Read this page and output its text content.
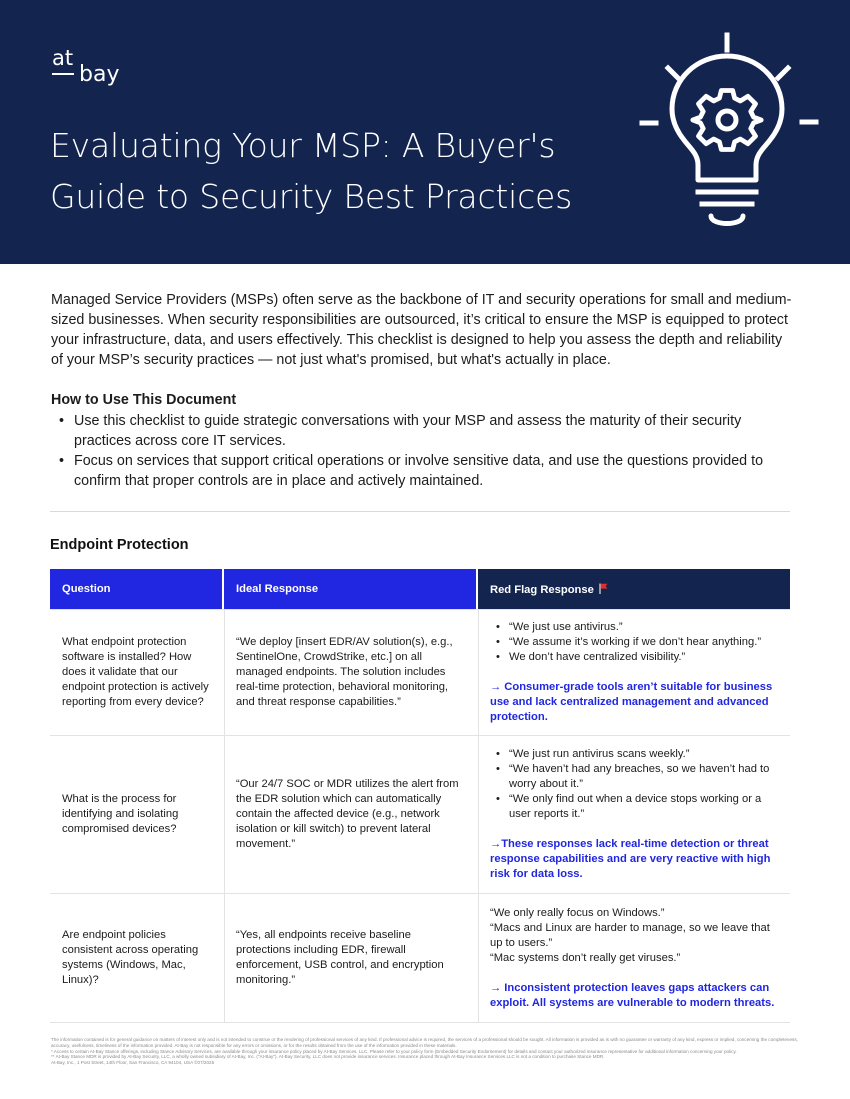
at
bay
Evaluating Your MSP: A Buyer's
Guide to Security Best Practices

Managed Service Providers (MSPs) often serve as the backbone of IT and security operations for small and medium-sized businesses. When security responsibilities are outsourced, it’s critical to ensure the MSP is equipped to protect your infrastructure, data, and users effectively. This checklist is designed to help you assess the depth and reliability of your MSP’s security practices — not just what's promised, but what's actually in place.

How to Use This Document
• Use this checklist to guide strategic conversations with your MSP and assess the maturity of their security practices across core IT services.
• Focus on services that support critical operations or involve sensitive data, and use the questions provided to confirm that proper controls are in place and actively maintained.
Endpoint Protection
Question	Ideal Response	Red Flag Response
What endpoint protection software is installed? How does it validate that our endpoint protection is actively reporting from every device?
“We deploy [insert EDR/AV solution(s), e.g., SentinelOne, CrowdStrike, etc.] on all managed endpoints. The solution includes real-time protection, behavioral monitoring, and threat response capabilities.”
• “We just use antivirus.”
• “We assume it’s working if we don’t hear anything.”
• We don’t have centralized visibility.”
→ Consumer-grade tools aren’t suitable for business use and lack centralized management and advanced protection.
What is the process for identifying and isolating compromised devices?
“Our 24/7 SOC or MDR utilizes the alert from the EDR solution which can automatically contain the affected device (e.g., network isolation or kill switch) to prevent lateral movement.”
• “We just run antivirus scans weekly.”
• “We haven’t had any breaches, so we haven’t had to worry about it.”
• “We only find out when a device stops working or a user reports it.”
→These responses lack real-time detection or threat response capabilities and are very reactive with high risk for data loss.
Are endpoint policies consistent across operating systems (Windows, Mac, Linux)?
“Yes, all endpoints receive baseline protections including EDR, firewall enforcement, USB control, and encryption monitoring.”
“We only really focus on Windows.”
“Macs and Linux are harder to manage, so we leave that up to users.”
“Mac systems don’t really get viruses.”
→ Inconsistent protection leaves gaps attackers can exploit. All systems are vulnerable to modern threats.
The information contained is for general guidance on matters of interest only and is not intended to construe or the rendering of professional services of any kind. If professional advice is required, the services of a professional should be sought. All information is provided as is with no guarantee or warranty of any kind, express or implied, concerning the completeness, accuracy, usefulness, timeliness of the information provided. At-Bay is not responsible for any errors or omissions, or for the results obtained from the use of the information provided in these materials.
* Access to certain At-Bay Stance offerings, including Stance Advisory Services, are available through your insurance policy placed by At-Bay Services, LLC. Please refer to your policy form (Embedded Security Endorsement) for details and contact your authorized insurance representative for additional information concerning your policy.
** At-Bay Stance MDR is provided by At-Bay Security, LLC, a wholly owned subsidiary of At-Bay, Inc. ("At-Bay"). At-Bay Security, LLC does not provide insurance services. Insurance placed through At-Bay Insurance Services LLC is not a condition to purchase Stance MDR.
At-Bay, Inc., 1 Post Street, 14th Floor, San Francisco, CA 94104, USA ©07/2025
